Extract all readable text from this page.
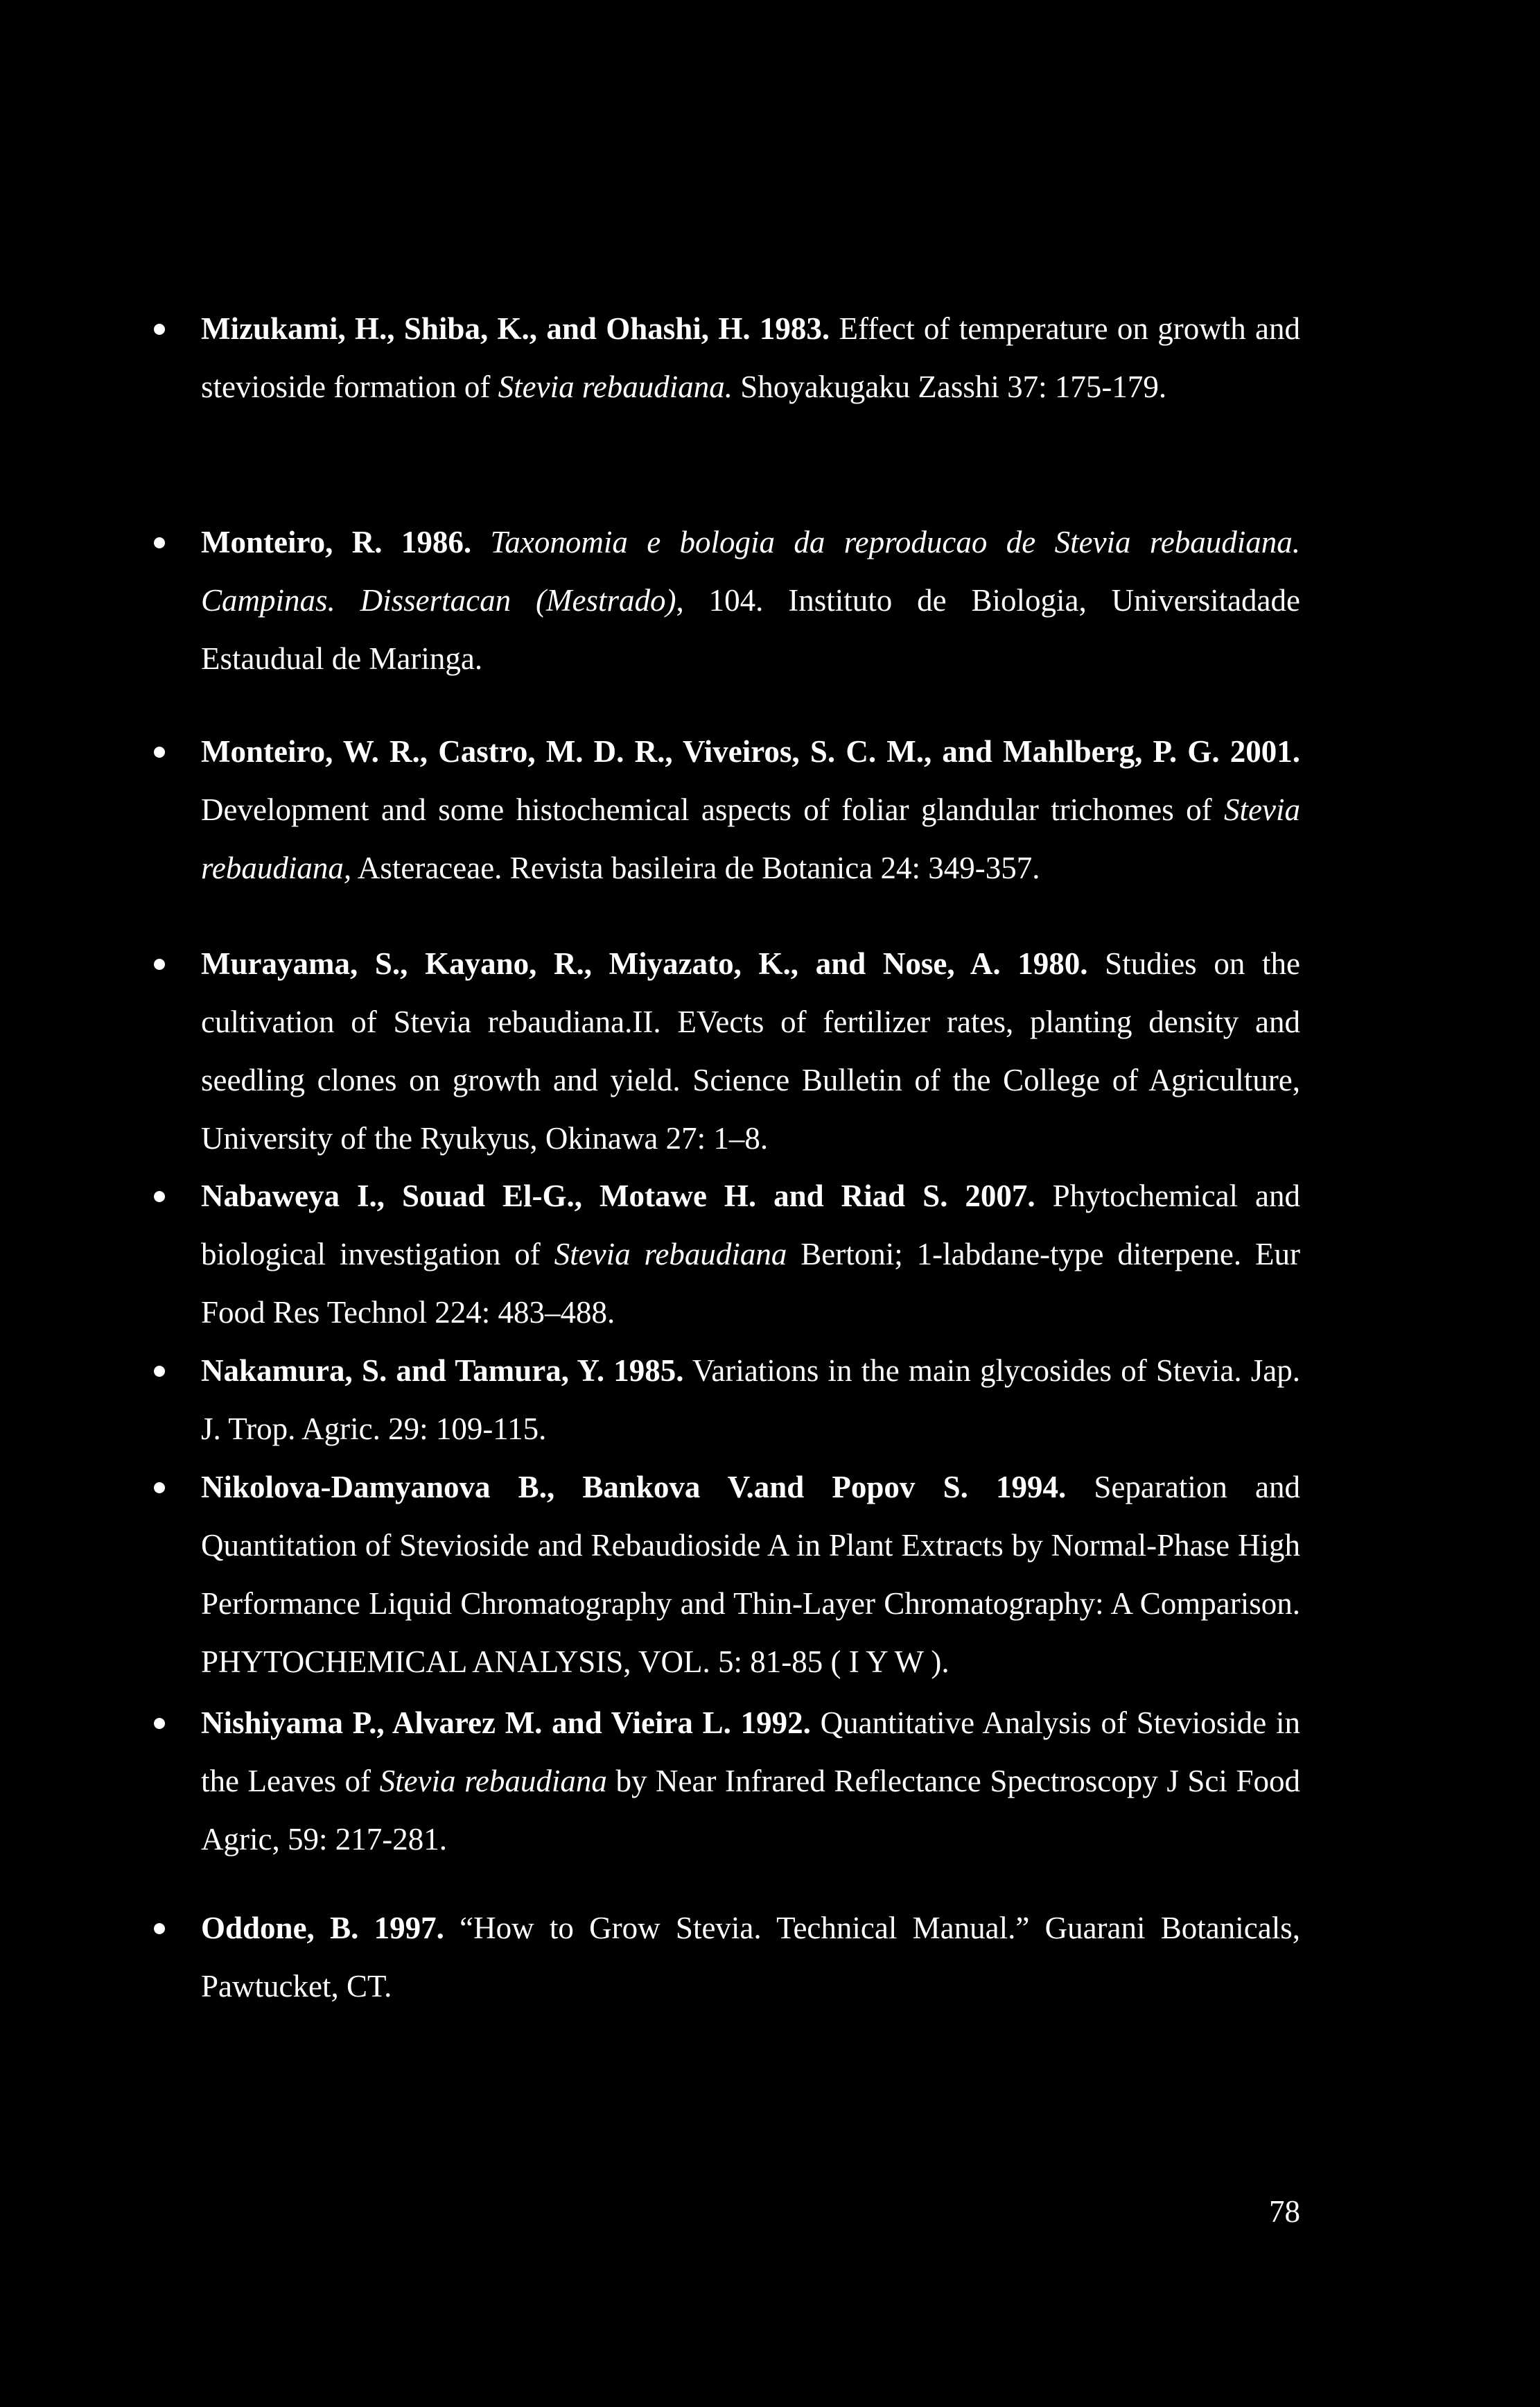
Mizukami, H., Shiba, K., and Ohashi, H. 1983. Effect of temperature on growth and stevioside formation of Stevia rebaudiana. Shoyakugaku Zasshi 37: 175-179.
Monteiro, R. 1986. Taxonomia e bologia da reproducao de Stevia rebaudiana. Campinas. Dissertacan (Mestrado), 104. Instituto de Biologia, Universitadade Estaudual de Maringa.
Monteiro, W. R., Castro, M. D. R., Viveiros, S. C. M., and Mahlberg, P. G. 2001. Development and some histochemical aspects of foliar glandular trichomes of Stevia rebaudiana, Asteraceae. Revista basileira de Botanica 24: 349-357.
Murayama, S., Kayano, R., Miyazato, K., and Nose, A. 1980. Studies on the cultivation of Stevia rebaudiana.II. EVects of fertilizer rates, planting density and seedling clones on growth and yield. Science Bulletin of the College of Agriculture, University of the Ryukyus, Okinawa 27: 1–8.
Nabaweya I., Souad El-G., Motawe H. and Riad S. 2007. Phytochemical and biological investigation of Stevia rebaudiana Bertoni; 1-labdane-type diterpene. Eur Food Res Technol 224: 483–488.
Nakamura, S. and Tamura, Y. 1985. Variations in the main glycosides of Stevia. Jap. J. Trop. Agric. 29: 109-115.
Nikolova-Damyanova B., Bankova V.and Popov S. 1994. Separation and Quantitation of Stevioside and Rebaudioside A in Plant Extracts by Normal-Phase High Performance Liquid Chromatography and Thin-Layer Chromatography: A Comparison. PHYTOCHEMICAL ANALYSIS, VOL. 5: 81-85 ( I Y W ).
Nishiyama P., Alvarez M. and Vieira L. 1992. Quantitative Analysis of Stevioside in the Leaves of Stevia rebaudiana by Near Infrared Reflectance Spectroscopy J Sci Food Agric, 59: 217-281.
Oddone, B. 1997. “How to Grow Stevia. Technical Manual.” Guarani Botanicals, Pawtucket, CT.
78
